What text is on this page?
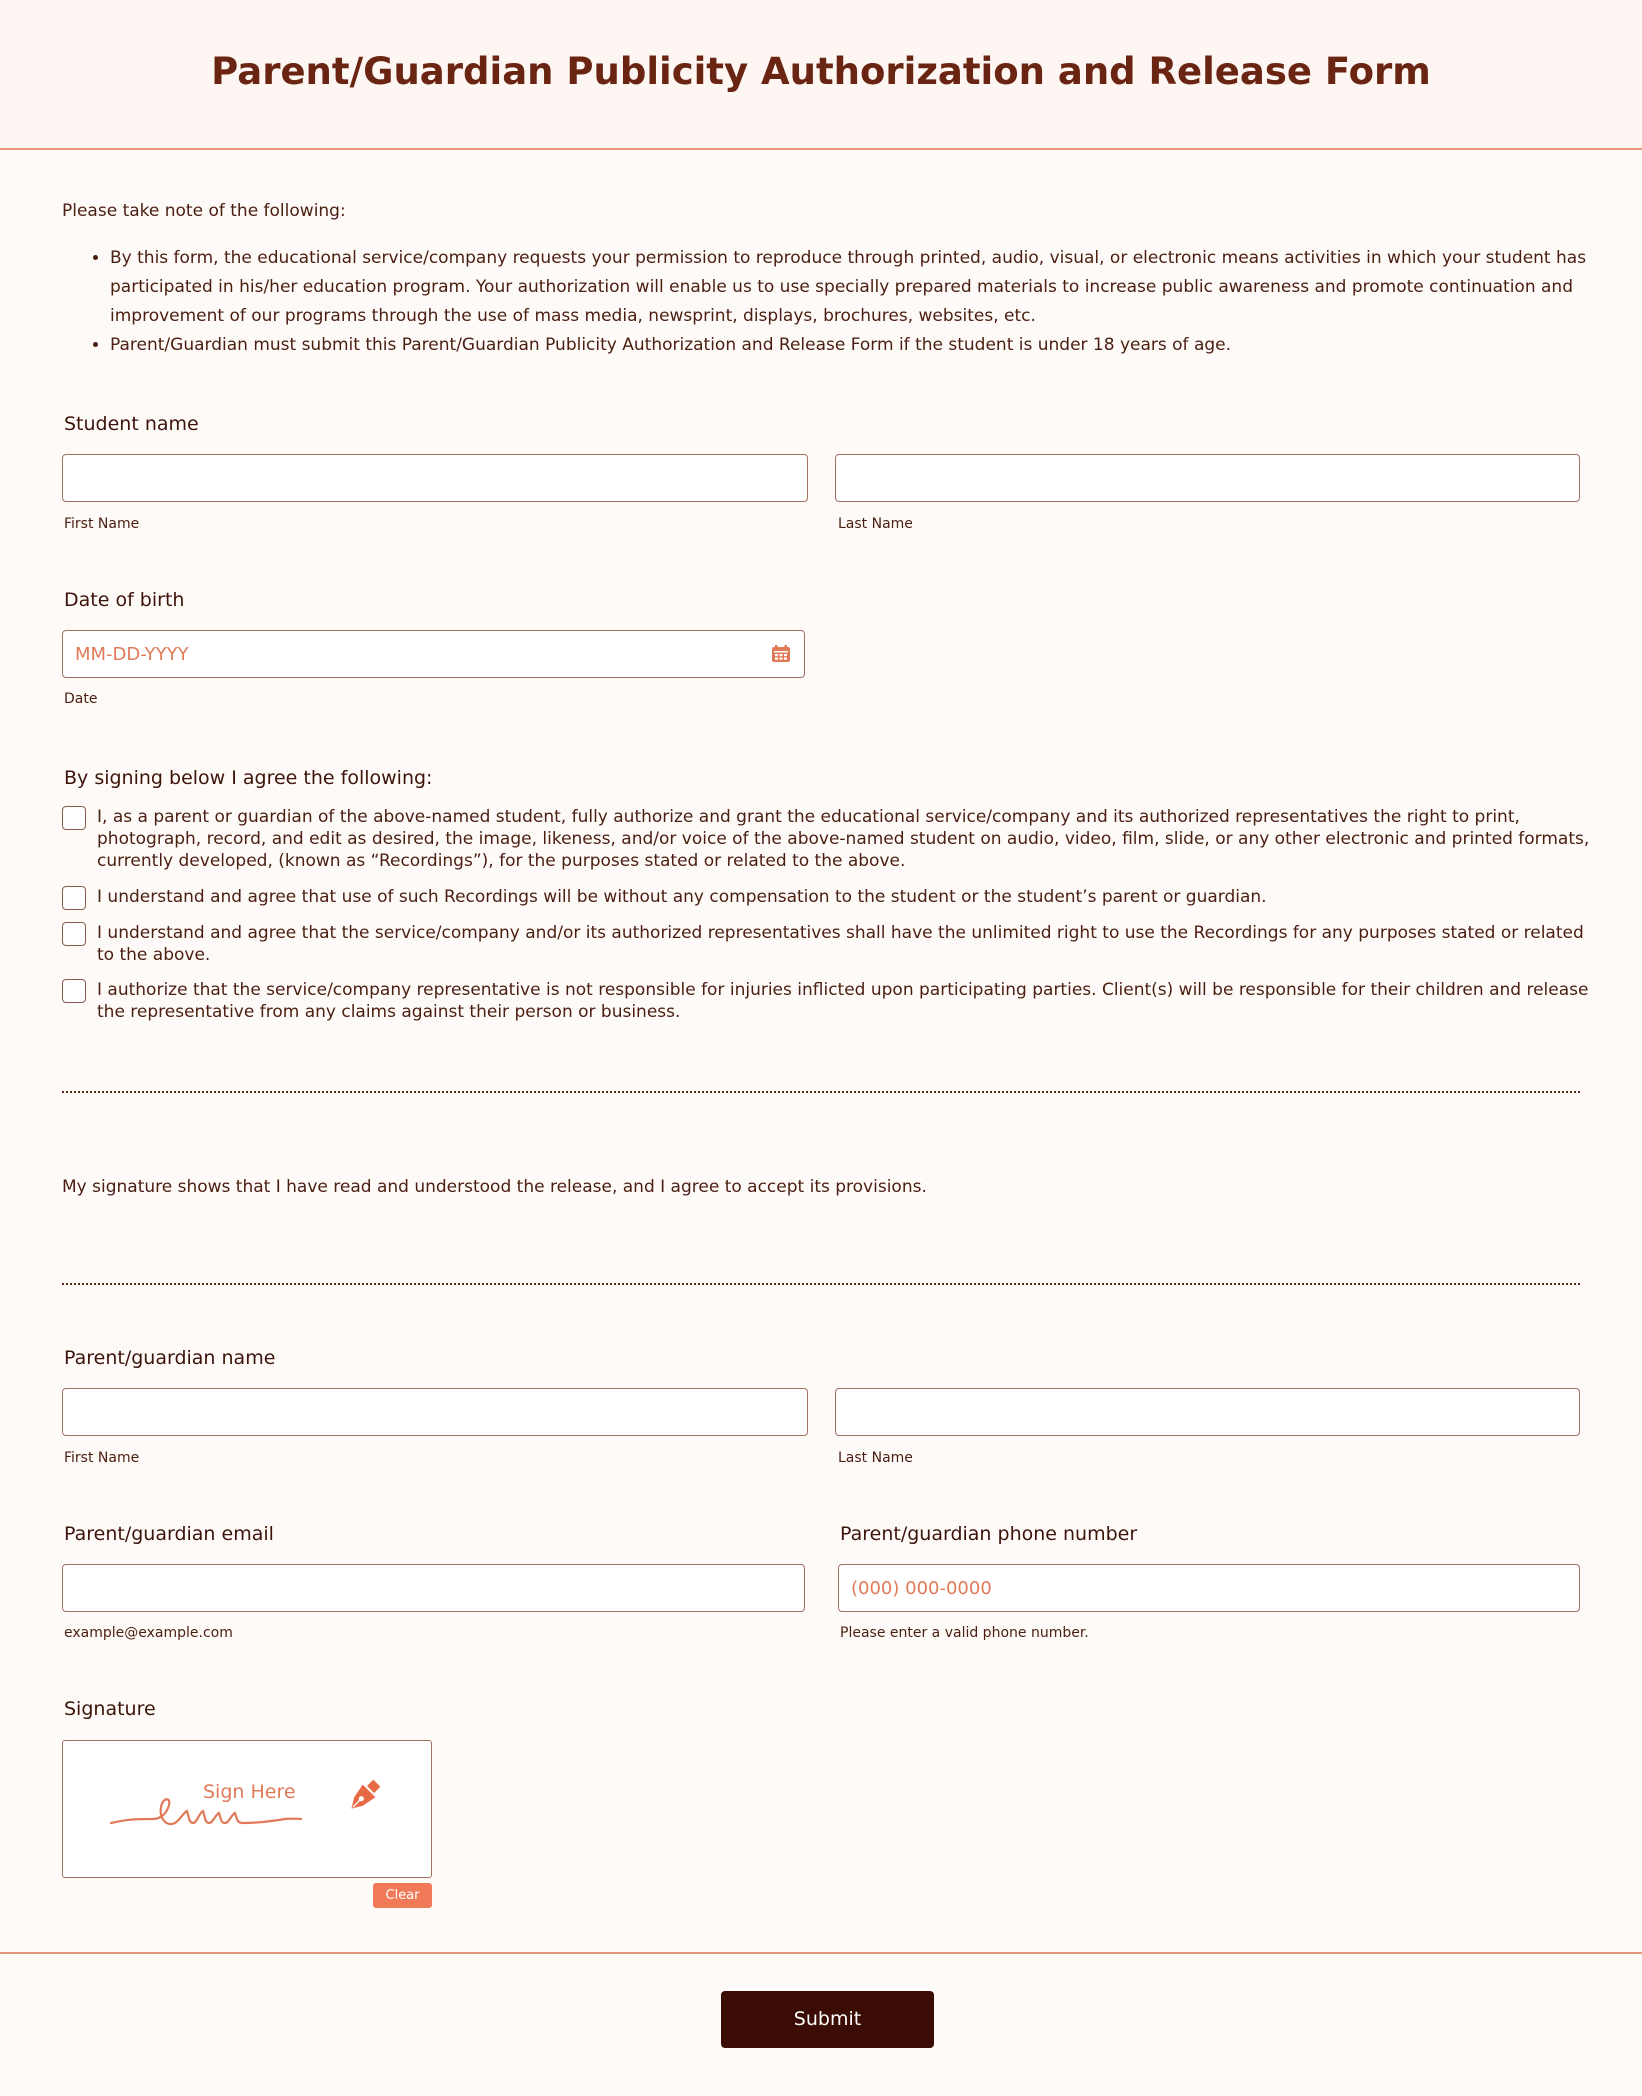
Parent/Guardian Publicity Authorization and Release Form
Please take note of the following:
• By this form, the educational service/company requests your permission to reproduce through printed, audio, visual, or electronic means activities in which your student has participated in his/her education program. Your authorization will enable us to use specially prepared materials to increase public awareness and promote continuation and improvement of our programs through the use of mass media, newsprint, displays, brochures, websites, etc.
• Parent/Guardian must submit this Parent/Guardian Publicity Authorization and Release Form if the student is under 18 years of age.
Student name
First Name	Last Name
Date of birth
MM-DD-YYYY
Date
By signing below I agree the following:
I, as a parent or guardian of the above-named student, fully authorize and grant the educational service/company and its authorized representatives the right to print, photograph, record, and edit as desired, the image, likeness, and/or voice of the above-named student on audio, video, film, slide, or any other electronic and printed formats, currently developed, (known as “Recordings”), for the purposes stated or related to the above.
I understand and agree that use of such Recordings will be without any compensation to the student or the student’s parent or guardian.
I understand and agree that the service/company and/or its authorized representatives shall have the unlimited right to use the Recordings for any purposes stated or related to the above.
I authorize that the service/company representative is not responsible for injuries inflicted upon participating parties. Client(s) will be responsible for their children and release the representative from any claims against their person or business.
My signature shows that I have read and understood the release, and I agree to accept its provisions.
Parent/guardian name
First Name	Last Name
Parent/guardian email
example@example.com
Parent/guardian phone number
(000) 000-0000
Please enter a valid phone number.
Signature
Sign Here
Clear
Submit
